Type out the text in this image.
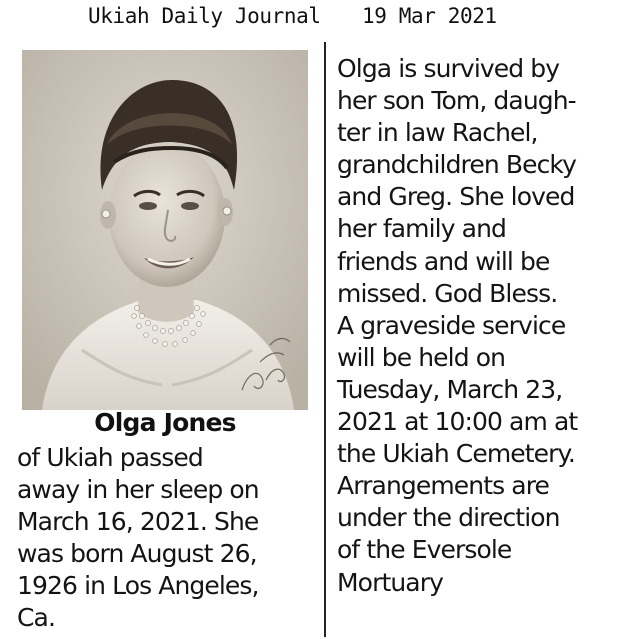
Ukiah Daily Journal 19 Mar 2021
Olga Jones
of Ukiah passed
away in her sleep on
March 16, 2021. She
was born August 26,
1926 in Los Angeles,
Ca.
Olga is survived by
her son Tom, daugh-
ter in law Rachel,
grandchildren Becky
and Greg. She loved
her family and
friends and will be
missed. God Bless.
A graveside service
will be held on
Tuesday, March 23,
2021 at 10:00 am at
the Ukiah Cemetery.
Arrangements are
under the direction
of the Eversole
Mortuary
